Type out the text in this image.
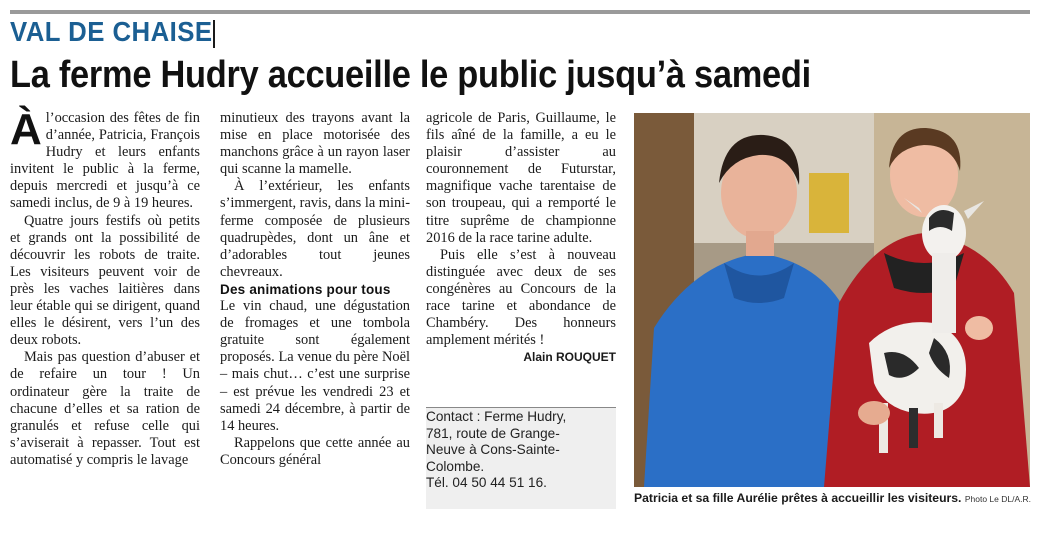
VAL DE CHAISE
La ferme Hudry accueille le public jusqu’à samedi

À l’occasion des fêtes de fin d’année, Patricia, François Hudry et leurs enfants invitent le public à la ferme, depuis mercredi et jusqu’à ce samedi inclus, de 9 à 19 heures.

Quatre jours festifs où petits et grands ont la possibilité de découvrir les robots de traite. Les visiteurs peuvent voir de près les vaches laitières dans leur étable qui se dirigent, quand elles le désirent, vers l’un des deux robots.

Mais pas question d’abuser et de refaire un tour ! Un ordinateur gère la traite de chacune d’elles et sa ration de granulés et refuse celle qui s’aviserait à repasser. Tout est automatisé y compris le lavage

minutieux des trayons avant la mise en place motorisée des manchons grâce à un rayon laser qui scanne la mamelle.

À l’extérieur, les enfants s’immergent, ravis, dans la mini-ferme composée de plusieurs quadrupèdes, dont un âne et d’adorables tout jeunes chevreaux.

Des animations pour tous

Le vin chaud, une dégustation de fromages et une tombola gratuite sont également proposés. La venue du père Noël – mais chut… c’est une surprise – est prévue les vendredi 23 et samedi 24 décembre, à partir de 14 heures.

Rappelons que cette année au Concours général

agricole de Paris, Guillaume, le fils aîné de la famille, a eu le plaisir d’assister au couronnement de Futurstar, magnifique vache tarentaise de son troupeau, qui a remporté le titre suprême de championne 2016 de la race tarine adulte.

Puis elle s’est à nouveau distinguée avec deux de ses congénères au Concours de la race tarine et abondance de Chambéry. Des honneurs amplement mérités !

Alain ROUQUET

Contact : Ferme Hudry,
781, route de Grange-
Neuve à Cons-Sainte-
Colombe.
Tél. 04 50 44 51 16.
Patricia et sa fille Aurélie prêtes à accueillir les visiteurs. Photo Le DL/A.R.
